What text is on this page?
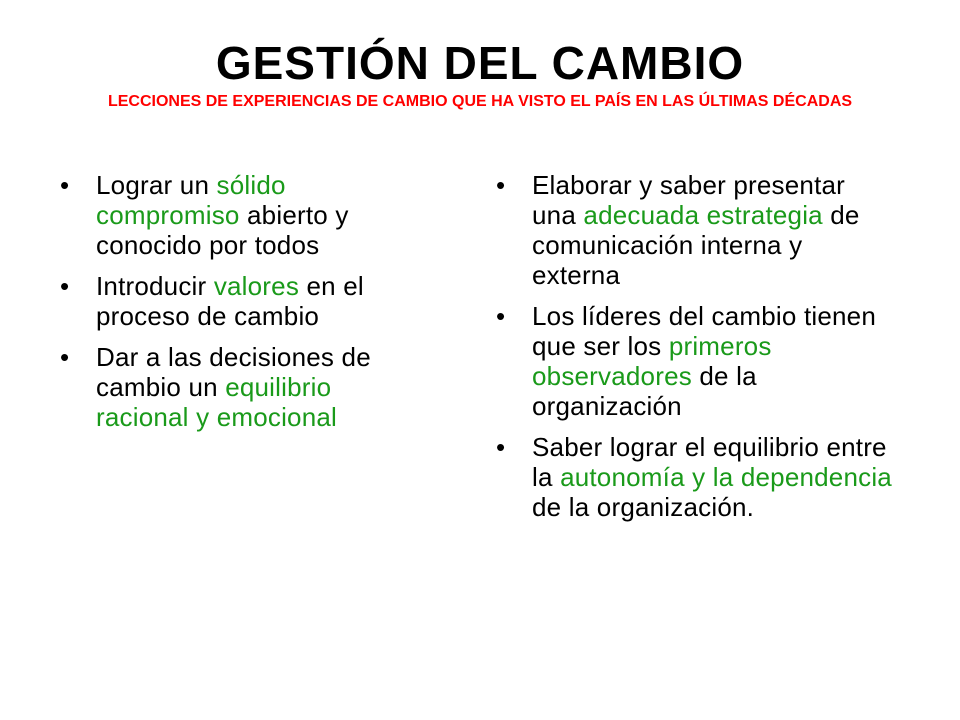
GESTIÓN DEL CAMBIO
LECCIONES DE EXPERIENCIAS DE CAMBIO QUE HA VISTO EL PAÍS EN LAS ÚLTIMAS DÉCADAS
• Lograr un sólido compromiso abierto y conocido por todos
• Introducir valores en el proceso de cambio
• Dar a las decisiones de cambio un equilibrio racional y emocional
• Elaborar y saber presentar una adecuada estrategia de comunicación interna y externa
• Los líderes del cambio tienen que ser los primeros observadores de la organización
• Saber lograr el equilibrio entre la autonomía y la dependencia de la organización.
